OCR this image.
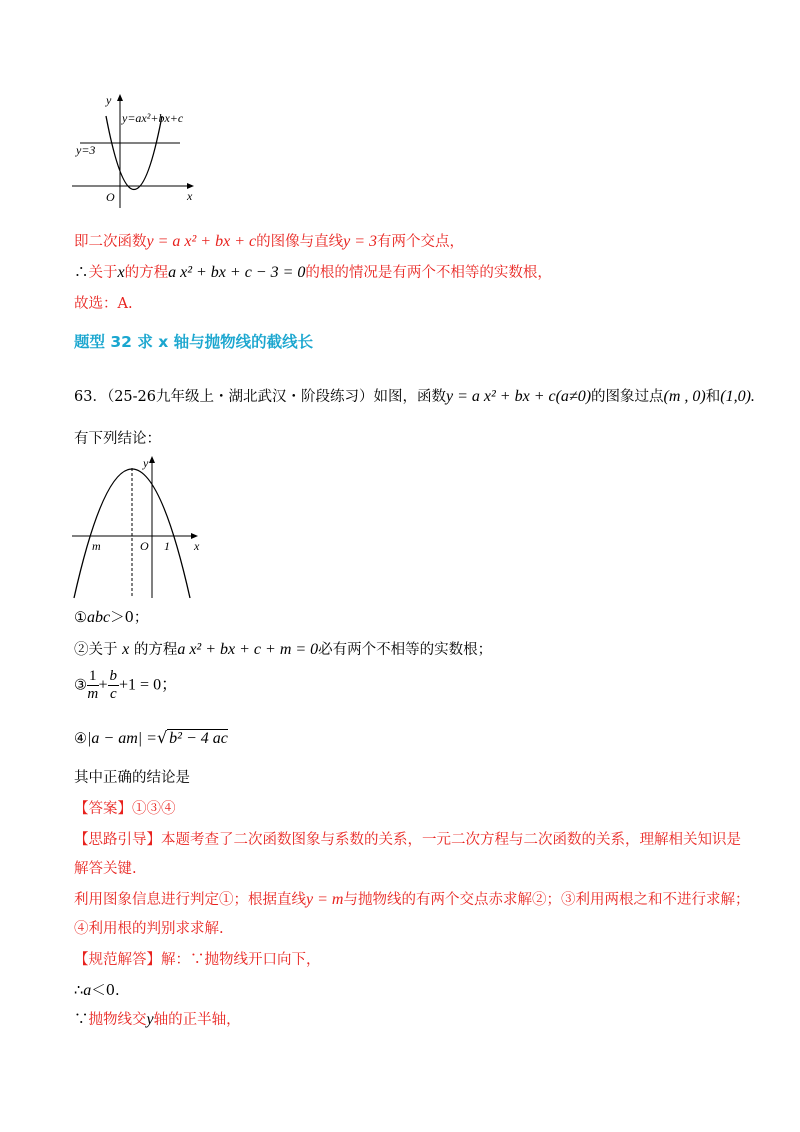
y=ax²+bx+c
y=3
O	x
y
即二次函数y = a x² + bx + c的图像与直线y = 3有两个交点，
∴关于x的方程a x² + bx + c − 3 = 0的根的情况是有两个不相等的实数根，
故选：A.
题型 32 求 x 轴与抛物线的截线长
63．（25-26九年级上・湖北武汉・阶段练习）如图，函数y = a x² + bx + c(a≠0)的图象过点(m , 0)和(1,0).
有下列结论：
y
x
m	O 1
①abc＞0；
②关于 x 的方程a x² + bx + c + m = 0必有两个不相等的实数根；
③ $\frac{1}{m} + \frac{b}{c} +1 = 0$；
④|a − am| =√ b² − 4 ac
其中正确的结论是
【答案】①③④
【思路引导】本题考查了二次函数图象与系数的关系，一元二次方程与二次函数的关系，理解相关知识是
解答关键.
利用图象信息进行判定①；根据直线y = m与抛物线的有两个交点赤求解②；③利用两根之和不进行求解；
④利用根的判别求求解.
【规范解答】解：∵抛物线开口向下，
∴a＜0.
∵抛物线交y轴的正半轴，
